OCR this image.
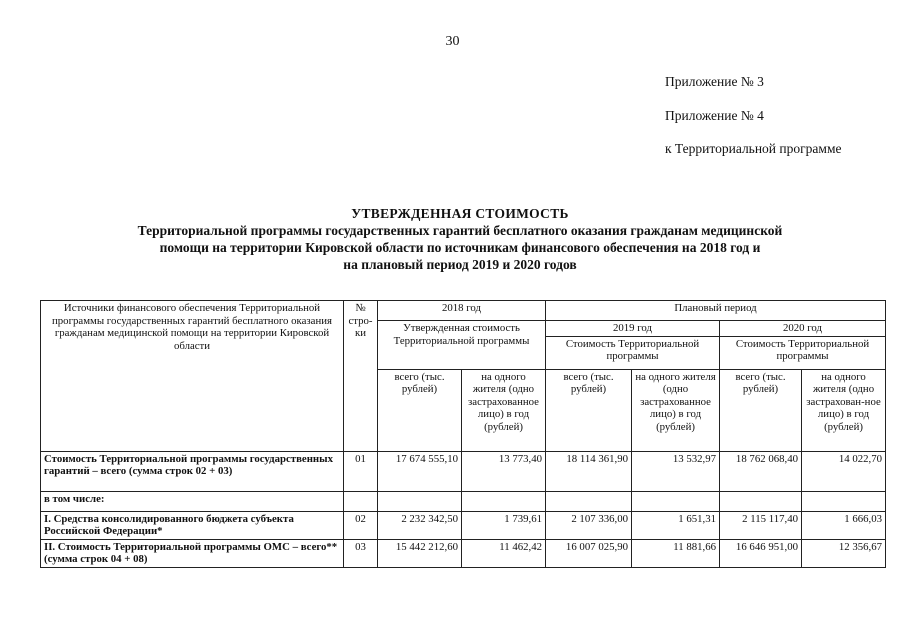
30
Приложение № 3
Приложение № 4
к Территориальной программе
УТВЕРЖДЕННАЯ СТОИМОСТЬ
Территориальной программы государственных гарантий бесплатного оказания гражданам медицинской
помощи на территории Кировской области по источникам финансового обеспечения на 2018 год и
на плановый период 2019 и 2020 годов
Источники финансового обеспечения Территориальной программы государственных гарантий бесплатного оказания гражданам медицинской помощи на территории Кировской области	№ стро-ки	2018 год		Плановый период			
		Утвержденная стоимость Территориальной программы		2019 год		2020 год	
				Стоимость Территориальной программы		Стоимость Территориальной программы	
		всего (тыс. рублей)	на одного жителя (одно застрахованное лицо) в год (рублей)	всего (тыс. рублей)	на одного жителя (одно застрахованное лицо) в год (рублей)	всего (тыс. рублей)	на одного жителя (одно застрахован-ное лицо) в год (рублей)
Стоимость Территориальной программы государственных гарантий – всего (сумма строк 02 + 03)	01	17 674 555,10	13 773,40	18 114 361,90	13 532,97	18 762 068,40	14 022,70
в том числе:							
I. Средства консолидированного бюджета субъекта Российской Федерации*	02	2 232 342,50	1 739,61	2 107 336,00	1 651,31	2 115 117,40	1 666,03
II. Стоимость Территориальной программы ОМС – всего** (сумма строк 04 + 08)	03	15 442 212,60	11 462,42	16 007 025,90	11 881,66	16 646 951,00	12 356,67
